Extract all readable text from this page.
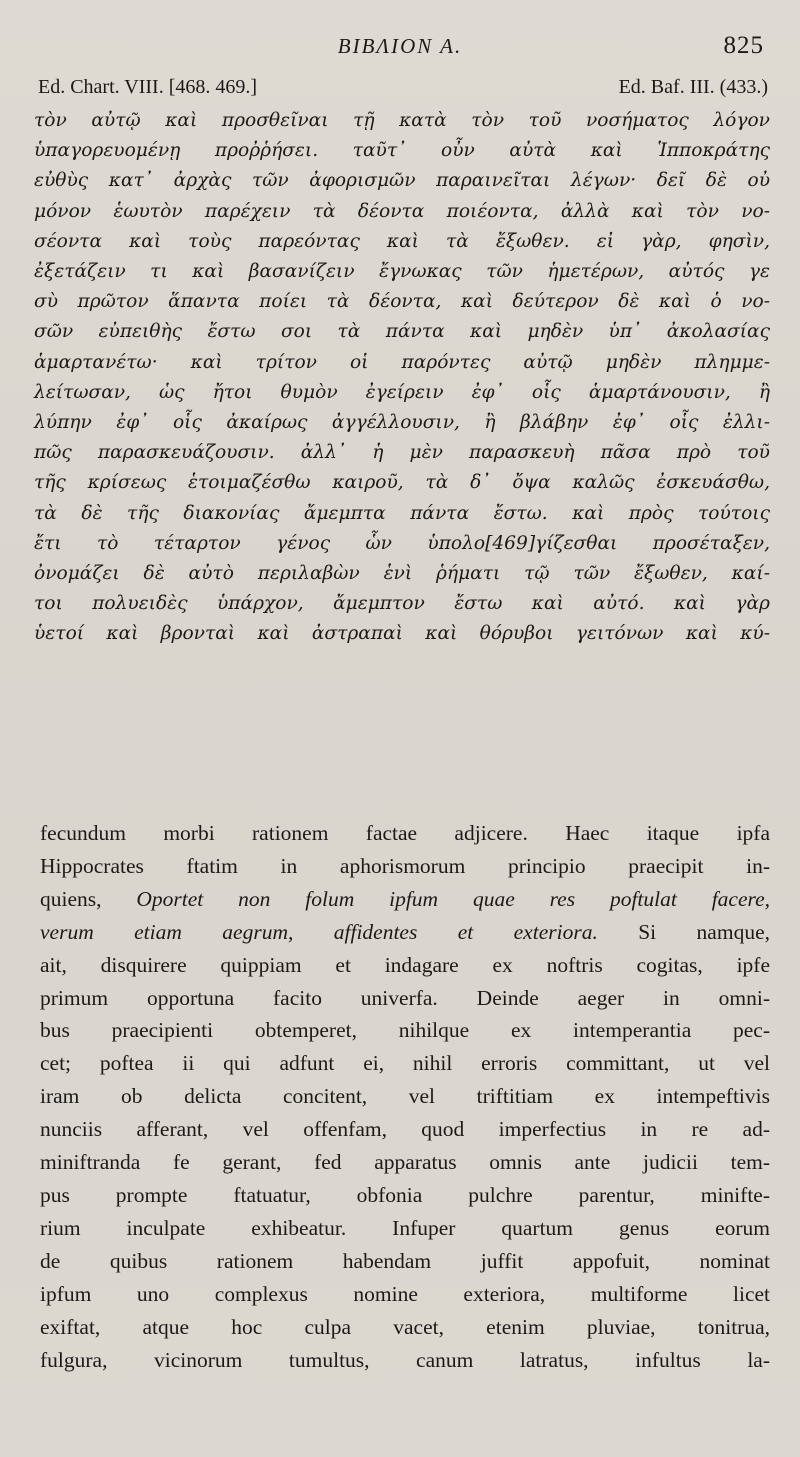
BIBΛΙΟΝ Α.	825
Ed. Chart. VIII. [468. 469.]	Ed. Baf. III. (433.)

τὸν αὐτῷ καὶ προσθεῖναι τῇ κατὰ τὸν τοῦ νοσήματος λόγον
ὑπαγορευομένῃ προῤῥήσει. ταῦτ᾽ οὖν αὐτὰ καὶ Ἱπποκράτης
εὐθὺς κατ᾽ ἀρχὰς τῶν ἀφορισμῶν παραινεῖται λέγων· δεῖ δὲ οὐ
μόνον ἑωυτὸν παρέχειν τὰ δέοντα ποιέοντα, ἀλλὰ καὶ τὸν νο-
σέοντα καὶ τοὺς παρεόντας καὶ τὰ ἔξωθεν. εἰ γὰρ, φησὶν,
ἐξετάζειν τι καὶ βασανίζειν ἔγνωκας τῶν ἡμετέρων, αὐτός γε
σὺ πρῶτον ἅπαντα ποίει τὰ δέοντα, καὶ δεύτερον δὲ καὶ ὁ νο-
σῶν εὐπειθὴς ἔστω σοι τὰ πάντα καὶ μηδὲν ὑπ᾽ ἀκολασίας
ἁμαρτανέτω· καὶ τρίτον οἱ παρόντες αὐτῷ μηδὲν πλημμε-
λείτωσαν, ὡς ἤτοι θυμὸν ἐγείρειν ἐφ᾽ οἷς ἁμαρτάνουσιν, ἢ
λύπην ἐφ᾽ οἷς ἀκαίρως ἀγγέλλουσιν, ἢ βλάβην ἐφ᾽ οἷς ἐλλι-
πῶς παρασκευάζουσιν. ἀλλ᾽ ἡ μὲν παρασκευὴ πᾶσα πρὸ τοῦ
τῆς κρίσεως ἑτοιμαζέσθω καιροῦ, τὰ δ᾽ ὄψα καλῶς ἐσκευάσθω,
τὰ δὲ τῆς διακονίας ἄμεμπτα πάντα ἔστω. καὶ πρὸς τούτοις
ἔτι τὸ τέταρτον γένος ὧν ὑπολο[469]γίζεσθαι προσέταξεν,
ὀνομάζει δὲ αὐτὸ περιλαβὼν ἑνὶ ῥήματι τῷ τῶν ἔξωθεν, καί-
τοι πολυειδὲς ὑπάρχον, ἄμεμπτον ἔστω καὶ αὐτό. καὶ γὰρ
ὑετοί καὶ βρονταὶ καὶ ἀστραπαὶ καὶ θόρυβοι γειτόνων καὶ κύ-

fecundum morbi rationem factae adjicere. Haec itaque ipfa
Hippocrates ftatim in aphorismorum principio praecipit in-
quiens, Oportet non folum ipfum quae res poftulat facere,
verum etiam aegrum, affidentes et exteriora. Si namque,
ait, disquirere quippiam et indagare ex noftris cogitas, ipfe
primum opportuna facito univerfa. Deinde aeger in omni-
bus praecipienti obtemperet, nihilque ex intemperantia pec-
cet; poftea ii qui adfunt ei, nihil erroris committant, ut vel
iram ob delicta concitent, vel triftitiam ex intempeftivis
nunciis afferant, vel offenfam, quod imperfectius in re ad-
miniftranda fe gerant, fed apparatus omnis ante judicii tem-
pus prompte ftatuatur, obfonia pulchre parentur, minifte-
rium inculpate exhibeatur. Infuper quartum genus eorum
de quibus rationem habendam juffit appofuit, nominat
ipfum uno complexus nomine exteriora, multiforme licet
exiftat, atque hoc culpa vacet, etenim pluviae, tonitrua,
fulgura, vicinorum tumultus, canum latratus, infultus la-
